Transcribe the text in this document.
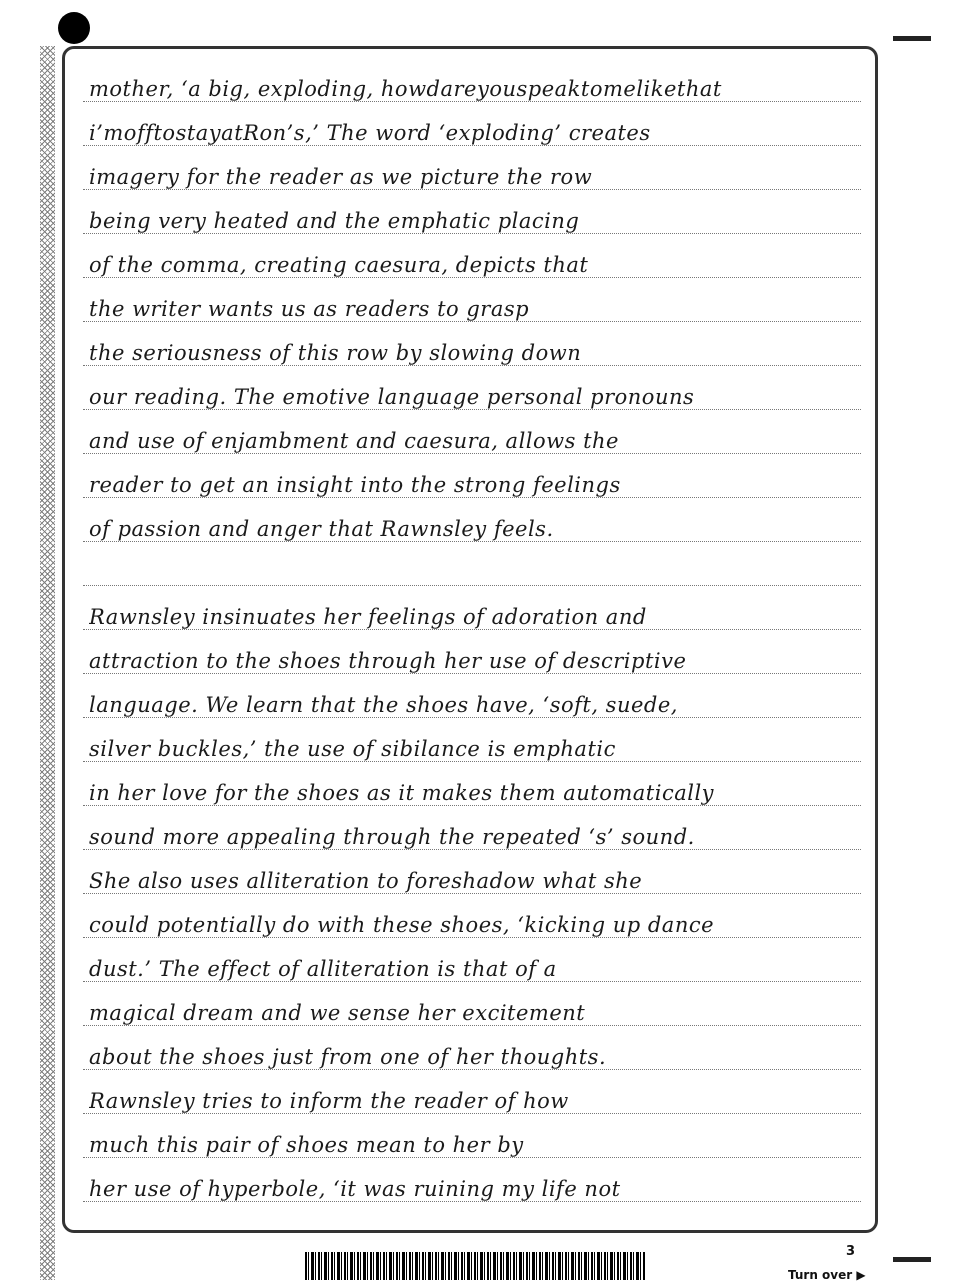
mother, ‘a big, exploding, howdareyouspeaktomelikethat
i’mofftostayatRon’s,’ The word ‘exploding’ creates
imagery for the reader as we picture the row
being very heated and the emphatic placing
of the comma, creating caesura, depicts that
the writer wants us as readers to grasp
the seriousness of this row by slowing down
our reading. The emotive language personal pronouns
and use of enjambment and caesura, allows the
reader to get an insight into the strong feelings
of passion and anger that Rawnsley feels.
Rawnsley insinuates her feelings of adoration and
attraction to the shoes through her use of descriptive
language. We learn that the shoes have, ‘soft, suede,
silver buckles,’ the use of sibilance is emphatic
in her love for the shoes as it makes them automatically
sound more appealing through the repeated ‘s’ sound.
She also uses alliteration to foreshadow what she
could potentially do with these shoes, ‘kicking up dance
dust.’ The effect of alliteration is that of a
magical dream and we sense her excitement
about the shoes just from one of her thoughts.
Rawnsley tries to inform the reader of how
much this pair of shoes mean to her by
her use of hyperbole, ‘it was ruining my life not
3
Turn over ▶
